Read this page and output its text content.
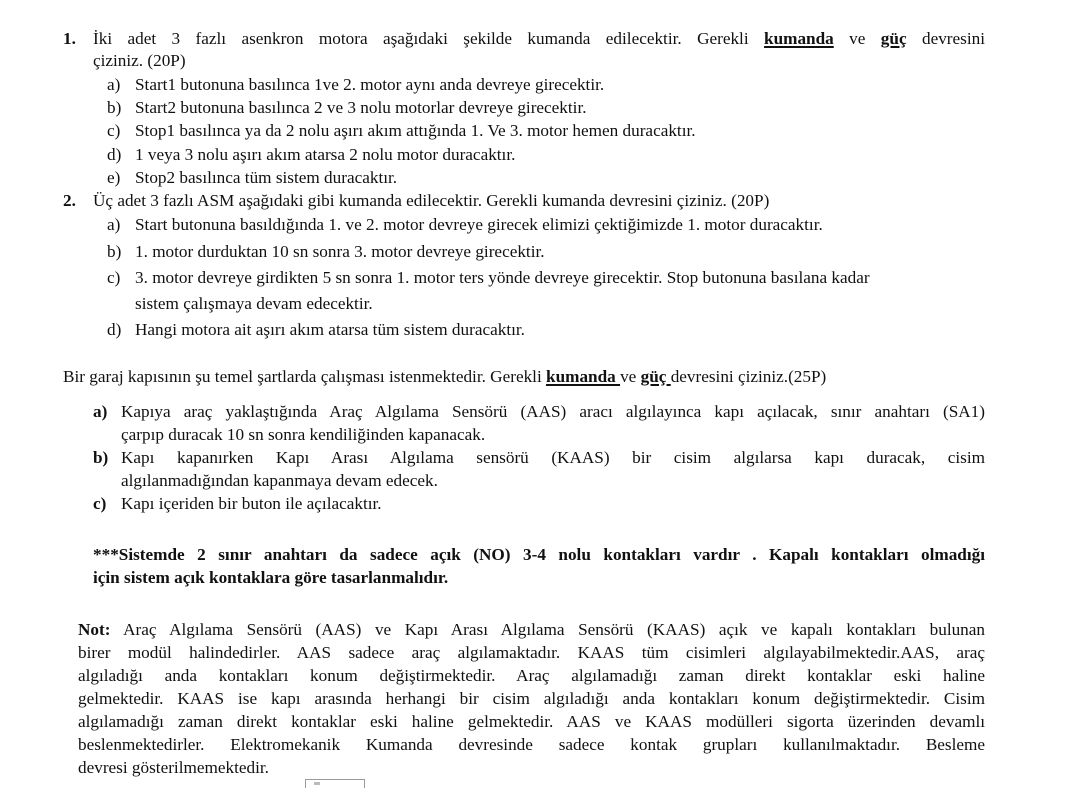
1. İki adet 3 fazlı asenkron motora aşağıdaki şekilde kumanda edilecektir. Gerekli kumanda ve güç devresini
çiziniz. (20P)
a) Start1 butonuna basılınca 1ve 2. motor aynı anda devreye girecektir.
b) Start2 butonuna basılınca 2 ve 3 nolu motorlar devreye girecektir.
c) Stop1 basılınca ya da 2 nolu aşırı akım attığında 1. Ve 3. motor hemen duracaktır.
d) 1 veya 3 nolu aşırı akım atarsa 2 nolu motor duracaktır.
e) Stop2 basılınca tüm sistem duracaktır.
2. Üç adet 3 fazlı ASM aşağıdaki gibi kumanda edilecektir. Gerekli kumanda devresini çiziniz. (20P)
a) Start butonuna basıldığında 1. ve 2. motor devreye girecek elimizi çektiğimizde 1. motor duracaktır.
b) 1. motor durduktan 10 sn sonra 3. motor devreye girecektir.
c) 3. motor devreye girdikten 5 sn sonra 1. motor ters yönde devreye girecektir. Stop butonuna basılana kadar
sistem çalışmaya devam edecektir.
d) Hangi motora ait aşırı akım atarsa tüm sistem duracaktır.
Bir garaj kapısının şu temel şartlarda çalışması istenmektedir. Gerekli kumanda ve güç devresini çiziniz.(25P)
a) Kapıya araç yaklaştığında Araç Algılama Sensörü (AAS) aracı algılayınca kapı açılacak, sınır anahtarı (SA1)
çarpıp duracak 10 sn sonra kendiliğinden kapanacak.
b) Kapı kapanırken Kapı Arası Algılama sensörü (KAAS) bir cisim algılarsa kapı duracak, cisim
algılanmadığından kapanmaya devam edecek.
c) Kapı içeriden bir buton ile açılacaktır.
***Sistemde 2 sınır anahtarı da sadece açık (NO) 3-4 nolu kontakları vardır . Kapalı kontakları olmadığı
için sistem açık kontaklara göre tasarlanmalıdır.
Not: Araç Algılama Sensörü (AAS) ve Kapı Arası Algılama Sensörü (KAAS) açık ve kapalı kontakları bulunan
birer modül halindedirler. AAS sadece araç algılamaktadır. KAAS tüm cisimleri algılayabilmektedir.AAS, araç
algıladığı anda kontakları konum değiştirmektedir. Araç algılamadığı zaman direkt kontaklar eski haline
gelmektedir. KAAS ise kapı arasında herhangi bir cisim algıladığı anda kontakları konum değiştirmektedir. Cisim
algılamadığı zaman direkt kontaklar eski haline gelmektedir. AAS ve KAAS modülleri sigorta üzerinden devamlı
beslenmektedirler. Elektromekanik Kumanda devresinde sadece kontak grupları kullanılmaktadır. Besleme
devresi gösterilmemektedir.
